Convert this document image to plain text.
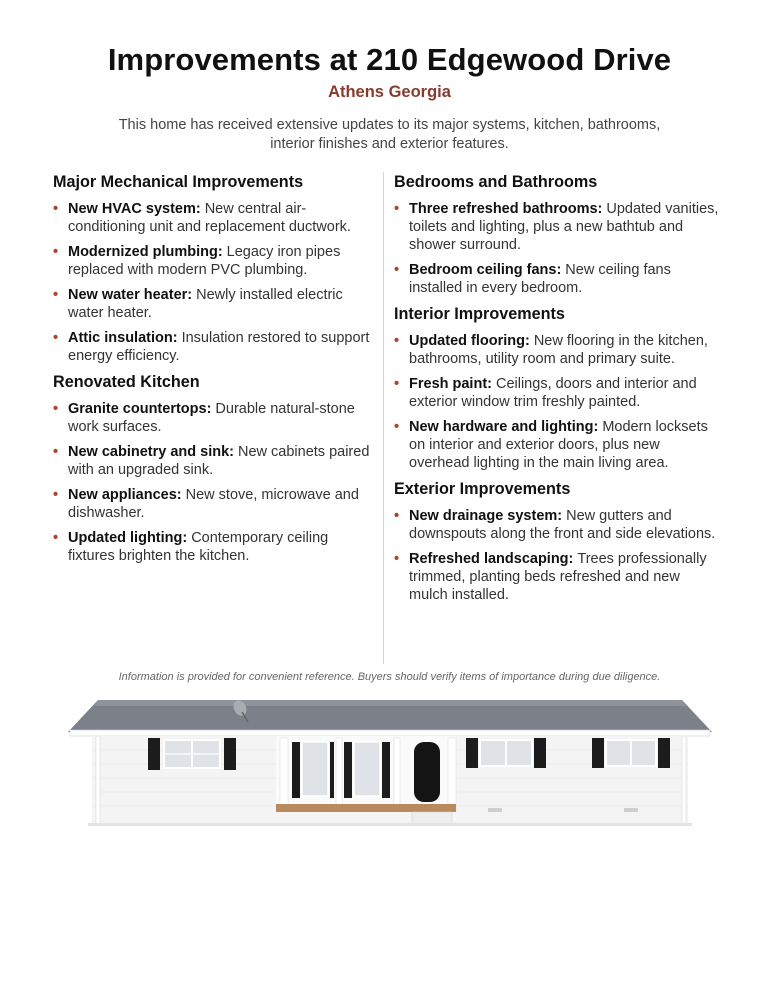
Improvements at 210 Edgewood Drive
Athens Georgia
This home has received extensive updates to its major systems, kitchen, bathrooms, interior finishes and exterior features.
Major Mechanical Improvements
• New HVAC system: New central air-conditioning unit and replacement ductwork.
• Modernized plumbing: Legacy iron pipes replaced with modern PVC plumbing.
• New water heater: Newly installed electric water heater.
• Attic insulation: Insulation restored to support energy efficiency.
Renovated Kitchen
• Granite countertops: Durable natural-stone work surfaces.
• New cabinetry and sink: New cabinets paired with an upgraded sink.
• New appliances: New stove, microwave and dishwasher.
• Updated lighting: Contemporary ceiling fixtures brighten the kitchen.
Bedrooms and Bathrooms
• Three refreshed bathrooms: Updated vanities, toilets and lighting, plus a new bathtub and shower surround.
• Bedroom ceiling fans: New ceiling fans installed in every bedroom.
Interior Improvements
• Updated flooring: New flooring in the kitchen, bathrooms, utility room and primary suite.
• Fresh paint: Ceilings, doors and interior and exterior window trim freshly painted.
• New hardware and lighting: Modern locksets on interior and exterior doors, plus new overhead lighting in the main living area.
Exterior Improvements
• New drainage system: New gutters and downspouts along the front and side elevations.
• Refreshed landscaping: Trees professionally trimmed, planting beds refreshed and new mulch installed.
Information is provided for convenient reference. Buyers should verify items of importance during due diligence.
